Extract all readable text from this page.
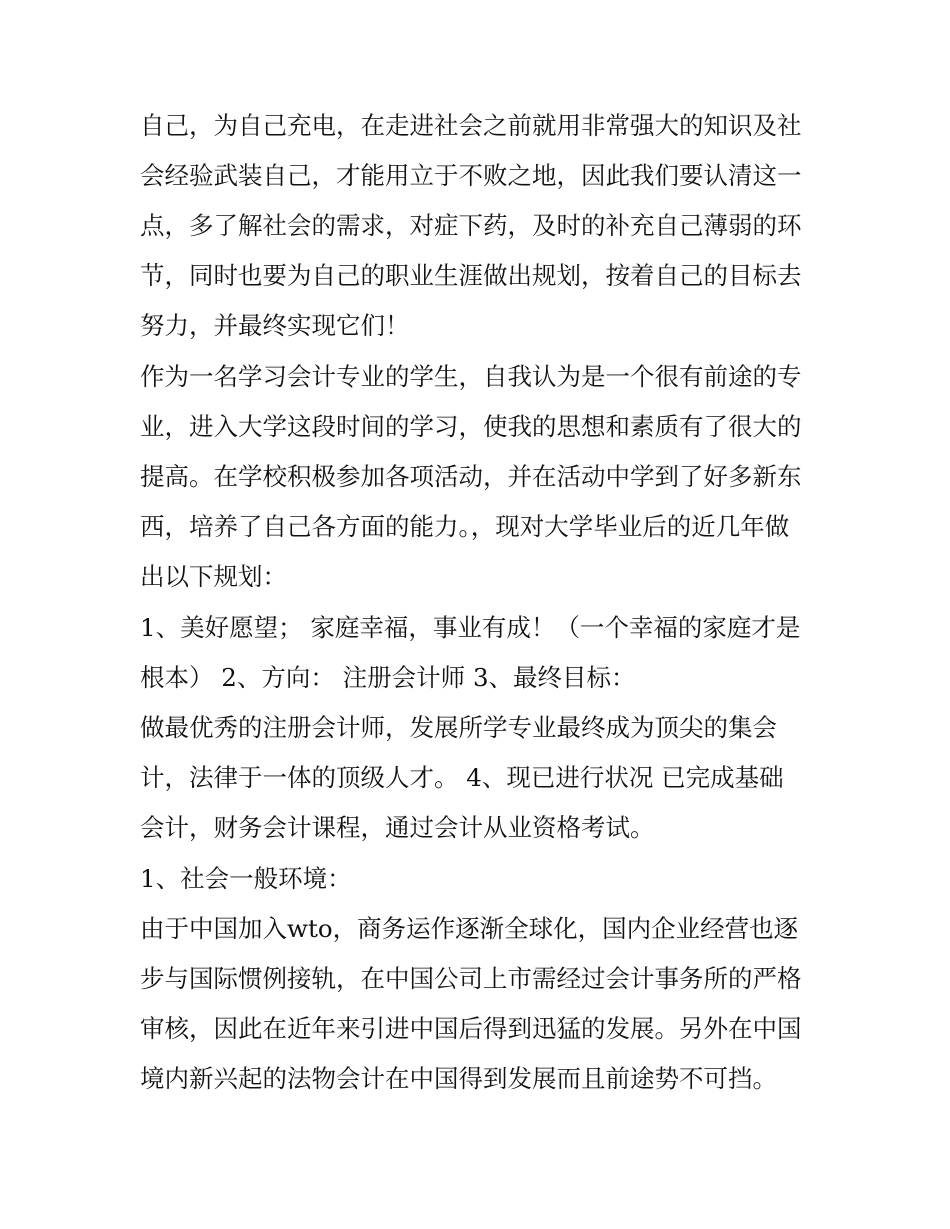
自己，为自己充电，在走进社会之前就用非常强大的知识及社
会经验武装自己，才能用立于不败之地，因此我们要认清这一
点，多了解社会的需求，对症下药，及时的补充自己薄弱的环
节，同时也要为自己的职业生涯做出规划，按着自己的目标去
努力，并最终实现它们！
作为一名学习会计专业的学生，自我认为是一个很有前途的专
业，进入大学这段时间的学习，使我的思想和素质有了很大的
提高。在学校积极参加各项活动，并在活动中学到了好多新东
西，培养了自己各方面的能力。，现对大学毕业后的近几年做
出以下规划：
1、美好愿望； 家庭幸福，事业有成！（一个幸福的家庭才是
根本） 2、方向： 注册会计师 3、最终目标：
做最优秀的注册会计师，发展所学专业最终成为顶尖的集会
计，法律于一体的顶级人才。 4、现已进行状况 已完成基础
会计，财务会计课程，通过会计从业资格考试。
1、社会一般环境：
由于中国加入wto，商务运作逐渐全球化，国内企业经营也逐
步与国际惯例接轨，在中国公司上市需经过会计事务所的严格
审核，因此在近年来引进中国后得到迅猛的发展。另外在中国
境内新兴起的法物会计在中国得到发展而且前途势不可挡。
